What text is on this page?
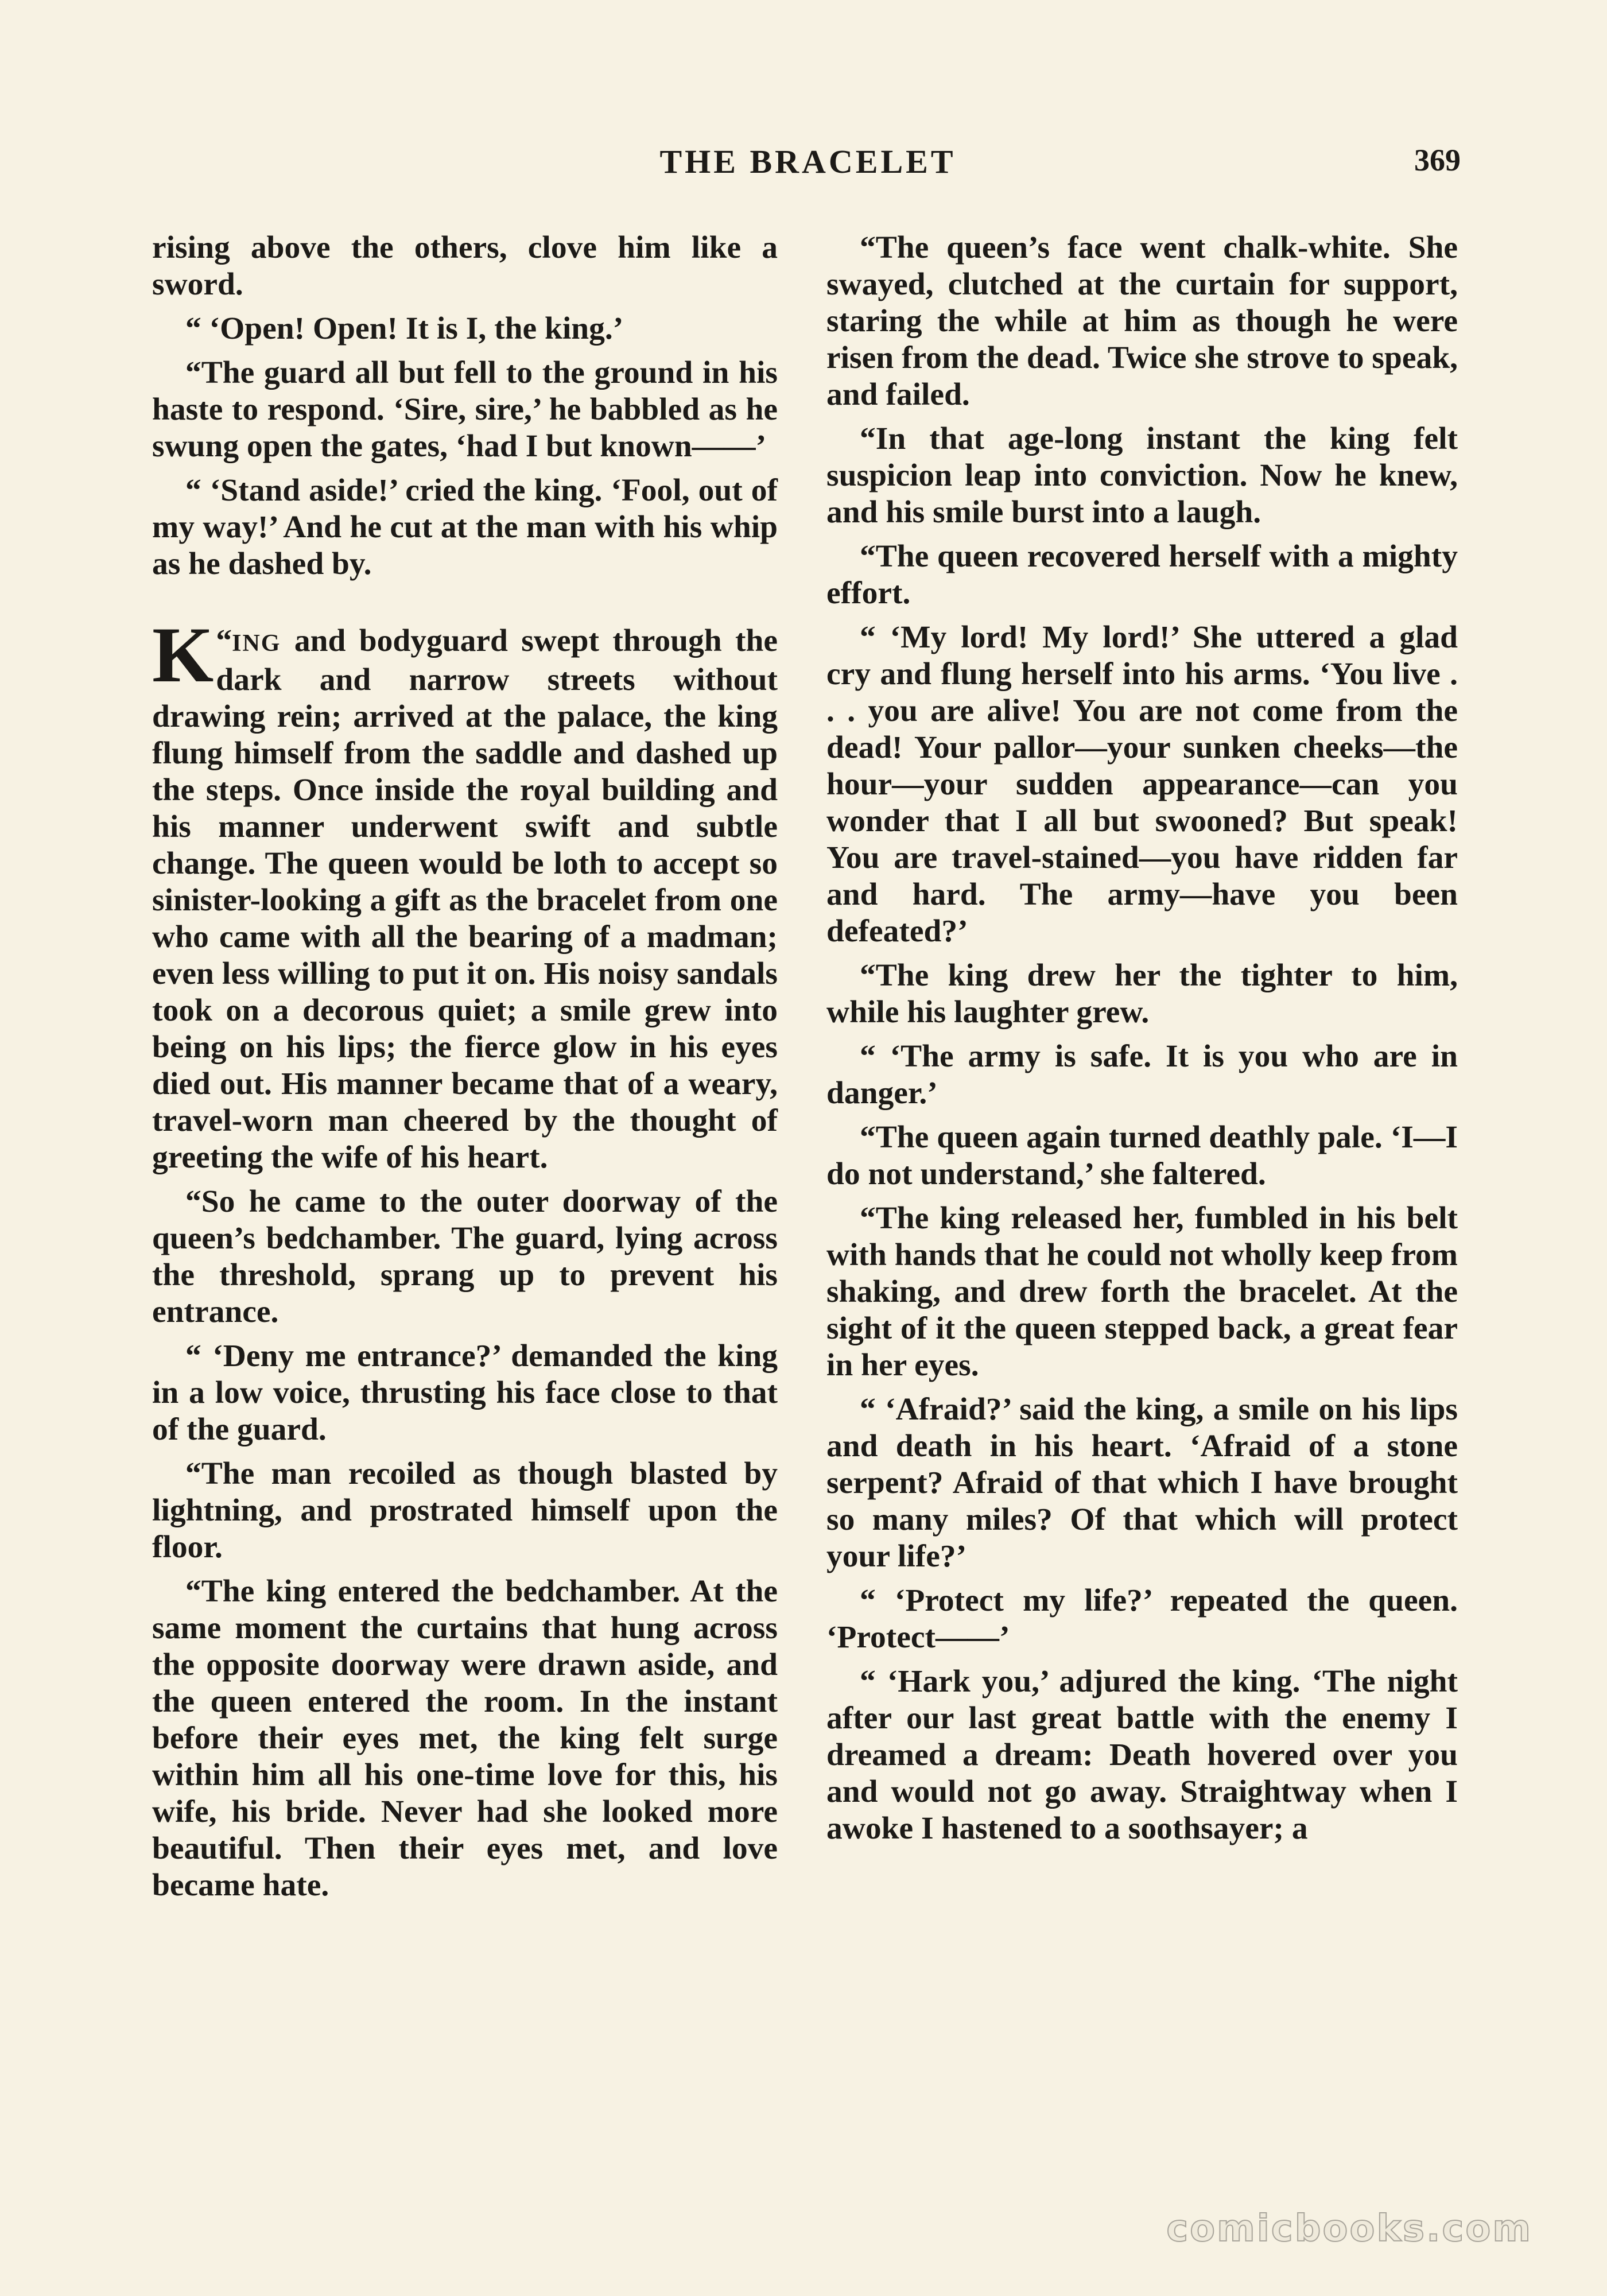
THE BRACELET	369

rising above the others, clove him like a sword.

“ ‘Open! Open! It is I, the king.’

“The guard all but fell to the ground in his haste to respond. ‘Sire, sire,’ he babbled as he swung open the gates, ‘had I but known——’

“ ‘Stand aside!’ cried the king. ‘Fool, out of my way!’ And he cut at the man with his whip as he dashed by.

“
K ING and bodyguard swept through the dark and narrow streets without drawing rein; arrived at the palace, the king flung himself from the saddle and dashed up the steps. Once inside the royal building and his manner underwent swift and subtle change. The queen would be loth to accept so sinister-looking a gift as the bracelet from one who came with all the bearing of a madman; even less willing to put it on. His noisy sandals took on a decorous quiet; a smile grew into being on his lips; the fierce glow in his eyes died out. His manner became that of a weary, travel-worn man cheered by the thought of greeting the wife of his heart.

“So he came to the outer doorway of the queen’s bedchamber. The guard, lying across the threshold, sprang up to prevent his entrance.

“ ‘Deny me entrance?’ demanded the king in a low voice, thrusting his face close to that of the guard.

“The man recoiled as though blasted by lightning, and prostrated himself upon the floor.

“The king entered the bedchamber. At the same moment the curtains that hung across the opposite doorway were drawn aside, and the queen entered the room. In the instant before their eyes met, the king felt surge within him all his one-time love for this, his wife, his bride. Never had she looked more beautiful. Then their eyes met, and love became hate.

“The queen’s face went chalk-white. She swayed, clutched at the curtain for support, staring the while at him as though he were risen from the dead. Twice she strove to speak, and failed.

“In that age-long instant the king felt suspicion leap into conviction. Now he knew, and his smile burst into a laugh.

“The queen recovered herself with a mighty effort.

“ ‘My lord! My lord!’ She uttered a glad cry and flung herself into his arms. ‘You live . . . you are alive! You are not come from the dead! Your pallor—your sunken cheeks—the hour—your sudden appearance—can you wonder that I all but swooned? But speak! You are travel-stained—you have ridden far and hard. The army—have you been defeated?’

“The king drew her the tighter to him, while his laughter grew.

“ ‘The army is safe. It is you who are in danger.’

“The queen again turned deathly pale. ‘I—I do not understand,’ she faltered.

“The king released her, fumbled in his belt with hands that he could not wholly keep from shaking, and drew forth the bracelet. At the sight of it the queen stepped back, a great fear in her eyes.

“ ‘Afraid?’ said the king, a smile on his lips and death in his heart. ‘Afraid of a stone serpent? Afraid of that which I have brought so many miles? Of that which will protect your life?’

“ ‘Protect my life?’ repeated the queen. ‘Protect——’

“ ‘Hark you,’ adjured the king. ‘The night after our last great battle with the enemy I dreamed a dream: Death hovered over you and would not go away. Straightway when I awoke I hastened to a soothsayer; a

comicbooks.com
